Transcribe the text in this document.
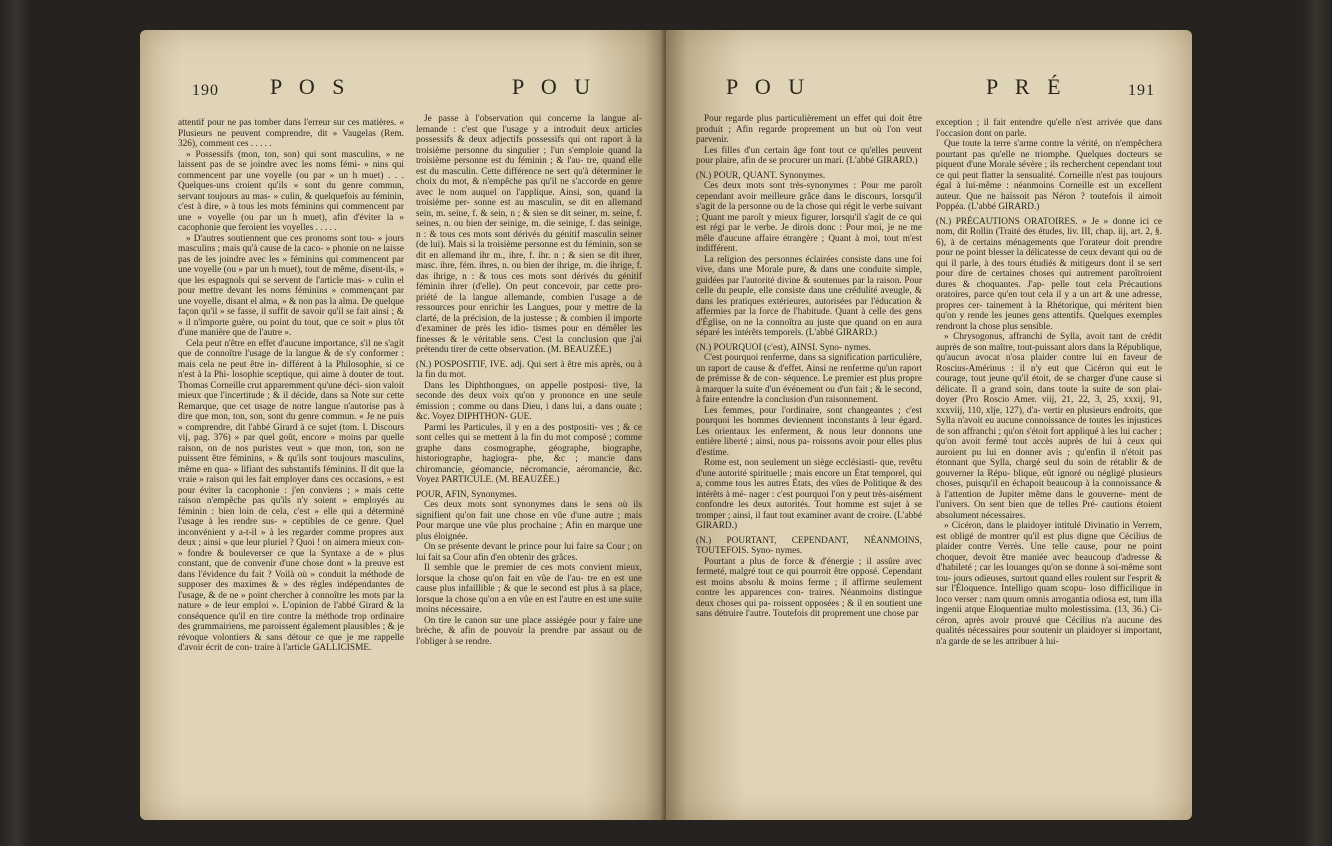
190 P O S	P O U

attentif pour ne pas tomber dans l'erreur sur ces matières. « Plusieurs ne peuvent comprendre, dit » Vaugelas (Rem. 326), comment ces . . . . .

» Possessifs (mon, ton, son) qui sont masculins, » ne laissent pas de se joindre avec les noms fémi- » nins qui commencent par une voyelle (ou par » un h muet) . . . Quelques-uns croient qu'ils » sont du genre commun, servant toujours au mas- » culin, & quelquefois au féminin, c'est à dire, » à tous les mots féminins qui commencent par une » voyelle (ou par un h muet), afin d'éviter la » cacophonie que feroient les voyelles . . . . .

» D'autres soutiennent que ces pronoms sont tou- » jours masculins ; mais qu'à cause de la caco- » phonie on ne laisse pas de les joindre avec les » féminins qui commencent par une voyelle (ou » par un h muet), tout de même, disent-ils, » que les espagnols qui se servent de l'article mas- » culin el pour mettre devant les noms féminins » commençant par une voyelle, disant el alma, » & non pas la alma. De quelque façon qu'il » se fasse, il suffit de savoir qu'il se fait ainsi ; & » il n'importe guère, ou point du tout, que ce soit » plus tôt d'une manière que de l'autre ».

Cela peut n'être en effet d'aucune importance, s'il ne s'agit que de connoître l'usage de la langue & de s'y conformer : mais cela ne peut être in- différent à la Philosophie, si ce n'est à la Phi- losophie sceptique, qui aime à douter de tout. Thomas Corneille crut apparemment qu'une déci- sion valoit mieux que l'incertitude ; & il décide, dans sa Note sur cette Remarque, que cet usage de notre langue n'autorise pas à dire que mon, ton, son, sont du genre commun. « Je ne puis » comprendre, dit l'abbé Girard à ce sujet (tom. I. Discours vij, pag. 376) » par quel goût, encore » moins par quelle raison, on de nos puristes veut » que mon, ton, son ne puissent être féminins, » & qu'ils sont toujours masculins, même en qua- » lifiant des substantifs féminins. Il dit que la vraie » raison qui les fait employer dans ces occasions, » est pour éviter la cacophonie : j'en conviens ; » mais cette raison n'empêche pas qu'ils n'y soient » employés au féminin : bien loin de cela, c'est » elle qui a déterminé l'usage à les rendre sus- » ceptibles de ce genre. Quel inconvénient y a-t-il » à les regarder comme propres aux deux ; ainsi » que leur pluriel ? Quoi ! on aimera mieux con- » fondre & bouleverser ce que la Syntaxe a de » plus constant, que de convenir d'une chose dont » la preuve est dans l'évidence du fait ? Voilà où » conduit la méthode de supposer des maximes & » des règles indépendantes de l'usage, & de ne » point chercher à connoître les mots par la nature » de leur emploi ». L'opinion de l'abbé Girard & la conséquence qu'il en tire contre la méthode trop ordinaire des grammairiens, me paroissent également plausibles ; & je révoque volontiers & sans détour ce que je me rappelle d'avoir écrit de con- traire à l'article GALLICISME.

Je passe à l'observation qui concerne la langue al- lemande : c'est que l'usage y a introduit deux articles possessifs & deux adjectifs possessifs qui ont raport à la troisième personne du singulier ; l'un s'emploie quand la troisième personne est du féminin ; & l'au- tre, quand elle est du masculin. Cette différence ne sert qu'à déterminer le choix du mot, & n'empêche pas qu'il ne s'accorde en genre avec le nom auquel on l'applique. Ainsi, son, quand la troisième per- sonne est au masculin, se dit en allemand sein, m. seine, f. & sein, n ; & sien se dit seiner, m. seine, f. seines, n. ou bien der seinige, m. die seinige, f. das seinige, n : & tous ces mots sont dérivés du génitif masculin seiner (de lui). Mais si la troisième personne est du féminin, son se dit en allemand ihr m., ihre, f. ihr. n ; & sien se dit ihrer, masc. ihre, fém. ihres, n. ou bien der ihrige, m. die ihrige, f. das ihrige, n : & tous ces mots sont dérivés du génitif féminin ihrer (d'elle). On peut concevoir, par cette pro- priété de la langue allemande, combien l'usage a de ressources pour enrichir les Langues, pour y mettre de la clarté, de la précision, de la justesse ; & combien il importe d'examiner de près les idio- tismes pour en démêler les finesses & le véritable sens. C'est la conclusion que j'ai prétendu tirer de cette observation. (M. BEAUZÉE.)

(N.) POSPOSITIF, IVE. adj. Qui sert à être mis après, ou à la fin du mot.

Dans les Diphthongues, on appelle postposi- tive, la seconde des deux voix qu'on y prononce en une seule émission ; comme ou dans Dieu, i dans lui, a dans ouate ; &c. Voyez DIPHTHON- GUE.

Parmi les Particules, il y en a des postpositi- ves ; & ce sont celles qui se mettent à la fin du mot composé ; comme graphe dans cosmographe, géographe, biographe, historiographe, hagiogra- phe, &c ; mancie dans chiromancie, géomancie, nécromancie, aéromancie, &c. Voyez PARTICULE. (M. BEAUZÉE.)

POUR, AFIN, Synonymes.

Ces deux mots sont synonymes dans le sens où ils signifient qu'on fait une chose en vûe d'une autre ; mais Pour marque une vûe plus prochaine ; Afin en marque une plus éloignée.

On se présente devant le prince pour lui faire sa Cour ; on lui fait sa Cour afin d'en obtenir des grâces.

Il semble que le premier de ces mots convient mieux, lorsque la chose qu'on fait en vûe de l'au- tre en est une cause plus infaillible ; & que le second est plus à sa place, lorsque la chose qu'on a en vûe en est l'autre en est une suite moins nécessaire.

On tire le canon sur une place assiégée pour y faire une brèche, & afin de pouvoir la prendre par assaut ou de l'obliger à se rendre.

P O U	P R É	191

Pour regarde plus particulièrement un effet qui doit être produit ; Afin regarde proprement un but où l'on veut parvenir.

Les filles d'un certain âge font tout ce qu'elles peuvent pour plaire, afin de se procurer un mari. (L'abbé GIRARD.)

(N.) POUR, QUANT. Synonymes.

Ces deux mots sont très-synonymes : Pour me paroît cependant avoir meilleure grâce dans le discours, lorsqu'il s'agit de la personne ou de la chose qui régit le verbe suivant ; Quant me paroît y mieux figurer, lorsqu'il s'agit de ce qui est régi par le verbe. Je dirois donc : Pour moi, je ne me mêle d'aucune affaire étrangère ; Quant à moi, tout m'est indifférent.

La religion des personnes éclairées consiste dans une foi vive, dans une Morale pure, & dans une conduite simple, guidées par l'autorité divine & soutenues par la raison. Pour celle du peuple, elle consiste dans une crédulité aveugle, & dans les pratiques extérieures, autorisées par l'éducation & affermies par la force de l'habitude. Quant à celle des gens d'Église, on ne la connoîtra au juste que quand on en aura séparé les intérêts temporels. (L'abbé GIRARD.)

(N.) POURQUOI (c'est), AINSI. Syno- nymes.

C'est pourquoi renferme, dans sa signification particulière, un raport de cause & d'effet. Ainsi ne renferme qu'un raport de prémisse & de con- séquence. Le premier est plus propre à marquer la suite d'un événement ou d'un fait ; & le second, à faire entendre la conclusion d'un raisonnement.

Les femmes, pour l'ordinaire, sont changeantes ; c'est pourquoi les hommes deviennent inconstants à leur égard. Les orientaux les enferment, & nous leur donnons une entière liberté ; ainsi, nous pa- roissons avoir pour elles plus d'estime.

Rome est, non seulement un siège ecclésiasti- que, revêtu d'une autorité spirituelle ; mais encore un État temporel, qui a, comme tous les autres États, des vûes de Politique & des intérêts à mé- nager : c'est pourquoi l'on y peut très-aisément confondre les deux autorités. Tout homme est sujet à se tromper ; ainsi, il faut tout examiner avant de croire. (L'abbé GIRARD.)

(N.) POURTANT, CEPENDANT, NÉANMOINS, TOUTEFOIS. Syno- nymes.

Pourtant a plus de force & d'énergie ; il assûre avec fermeté, malgré tout ce qui pourroit être opposé. Cependant est moins absolu & moins ferme ; il affirme seulement contre les apparences con- traires. Néanmoins distingue deux choses qui pa- roissent opposées ; & il en soutient une sans détruire l'autre. Toutefois dit proprement une chose par

exception ; il fait entendre qu'elle n'est arrivée que dans l'occasion dont on parle.

Que toute la terre s'arme contre la vérité, on n'empêchera pourtant pas qu'elle ne triomphe. Quelques docteurs se piquent d'une Morale sévère ; ils recherchent cependant tout ce qui peut flatter la sensualité. Corneille n'est pas toujours égal à lui-même : néanmoins Corneille est un excellent auteur. Que ne haïssoit pas Néron ? toutefois il aimoit Poppéa. (L'abbé GIRARD.)

(N.) PRÉCAUTIONS ORATOIRES. » Je » donne ici ce nom, dit Rollin (Traité des études, liv. III, chap. iij, art. 2, §. 6), à de certains ménagements que l'orateur doit prendre pour ne point blesser la délicatesse de ceux devant qui ou de qui il parle, à des tours étudiés & mitigeurs dont il se sert pour dire de certaines choses qui autrement paroîtroient dures & choquantes. J'ap- pelle tout cela Précautions oratoires, parce qu'en tout cela il y a un art & une adresse, propres cer- tainement à la Rhétorique, qui méritent bien qu'on y rende les jeunes gens attentifs. Quelques exemples rendront la chose plus sensible.

» Chrysogonus, affranchi de Sylla, avoit tant de crédit auprès de son maître, tout-puissant alors dans la République, qu'aucun avocat n'osa plaider contre lui en faveur de Roscius-Amérinus : il n'y eut que Cicéron qui eut le courage, tout jeune qu'il étoit, de se charger d'une cause si délicate. Il a grand soin, dans toute la suite de son plai- doyer (Pro Roscio Amer. viij, 21, 22, 3, 25, xxxij, 91, xxxviij, 110, xlje, 127), d'a- vertir en plusieurs endroits, que Sylla n'avoit eu aucune connoissance de toutes les injustices de son affranchi ; qu'on s'étoit fort appliqué à les lui cacher ; qu'on avoit fermé tout accès auprès de lui à ceux qui auroient pu lui en donner avis ; qu'enfin il n'étoit pas étonnant que Sylla, chargé seul du soin de rétablir & de gouverner la Répu- blique, eût ignoré ou négligé plusieurs choses, puisqu'il en échapoit beaucoup à la connoissance & à l'attention de Jupiter même dans le gouverne- ment de l'univers. On sent bien que de telles Pré- cautions étoient absolument nécessaires.

» Cicéron, dans le plaidoyer intitulé Divinatio in Verrem, est obligé de montrer qu'il est plus digne que Cécilius de plaider contre Verrès. Une telle cause, pour ne point choquer, devoit être maniée avec beaucoup d'adresse & d'habileté ; car les louanges qu'on se donne à soi-même sont tou- jours odieuses, surtout quand elles roulent sur l'esprit & sur l'Éloquence. Intelligo quam scopu- loso difficilique in loco verser : nam quum omnis arrogantia odiosa est, tum illa ingenii atque Eloquentiae multo molestissima. (13, 36.) Ci- céron, après avoir prouvé que Cécilius n'a aucune des qualités nécessaires pour soutenir un plaidoyer si important, n'a garde de se les attribuer à lui-
